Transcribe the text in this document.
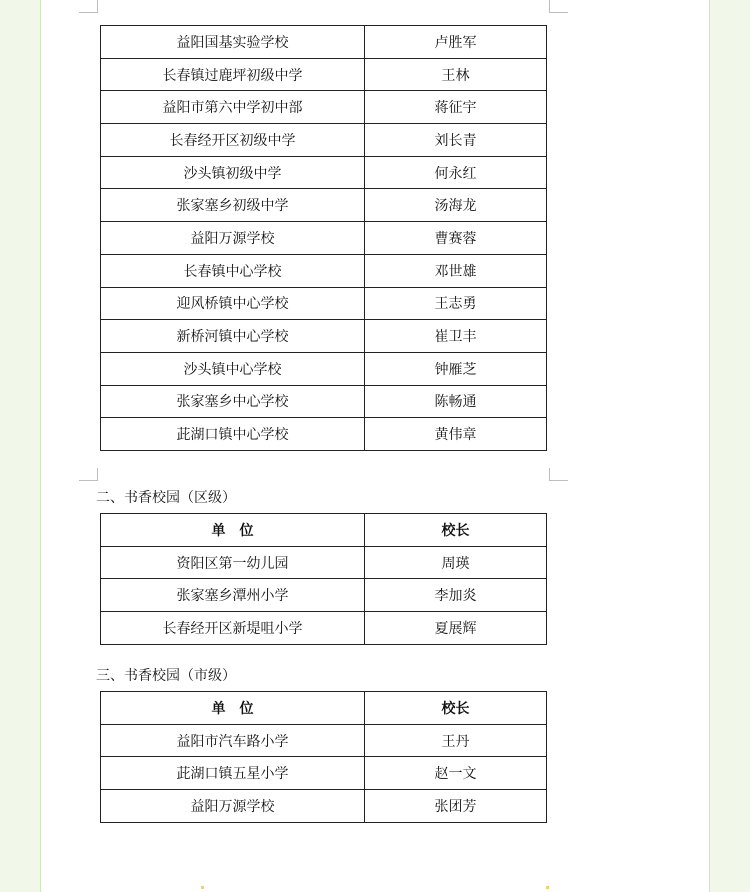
益阳国基实验学校	卢胜军
长春镇过鹿坪初级中学	王林
益阳市第六中学初中部	蒋征宇
长春经开区初级中学	刘长青
沙头镇初级中学	何永红
张家塞乡初级中学	汤海龙
益阳万源学校	曹赛蓉
长春镇中心学校	邓世雄
迎风桥镇中心学校	王志勇
新桥河镇中心学校	崔卫丰
沙头镇中心学校	钟雁芝
张家塞乡中心学校	陈畅通
茈湖口镇中心学校	黄伟章
二、书香校园（区级）
单　位	校长
资阳区第一幼儿园	周瑛
张家塞乡潭州小学	李加炎
长春经开区新堤咀小学	夏展辉
三、书香校园（市级）
单　位	校长
益阳市汽车路小学	王丹
茈湖口镇五星小学	赵一文
益阳万源学校	张团芳
